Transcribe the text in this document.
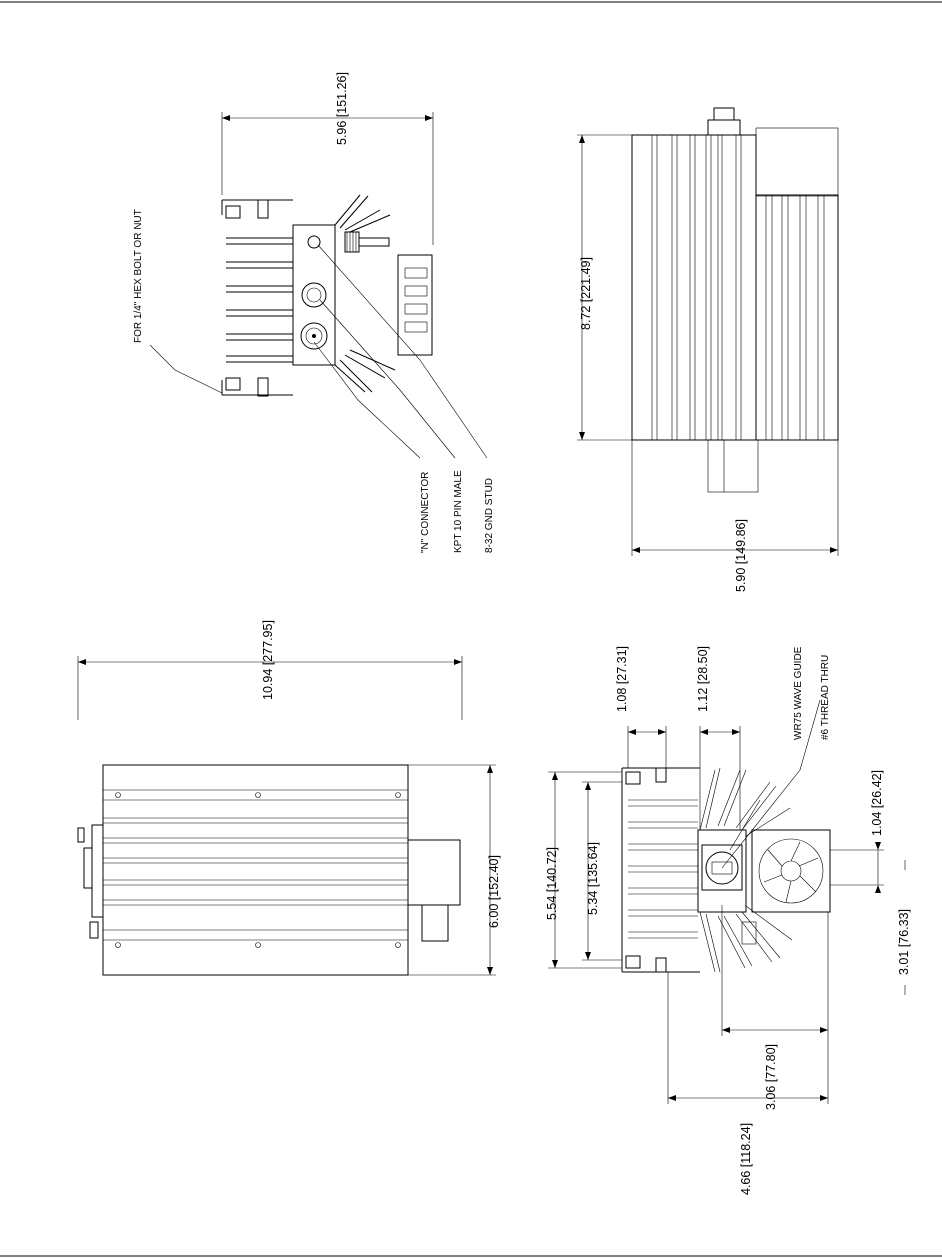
5.96 [151.26]
FOR 1/4" HEX BOLT OR NUT
"N" CONNECTOR KPT 10 PIN MALE 8-32 GND STUD
8.72 [221.49]
5.90 [149.86]
10.94 [277.95]
6.00 [152.40]
1.08 [27.31]	1.12 [28.50]
5.54 [140.72] 5.34 [135.64]
1.04 [26.42]
3.01 [76.33]
3.06 [77.80]
4.66 [118.24]
WR75 WAVE GUIDE #6 THREAD THRU
